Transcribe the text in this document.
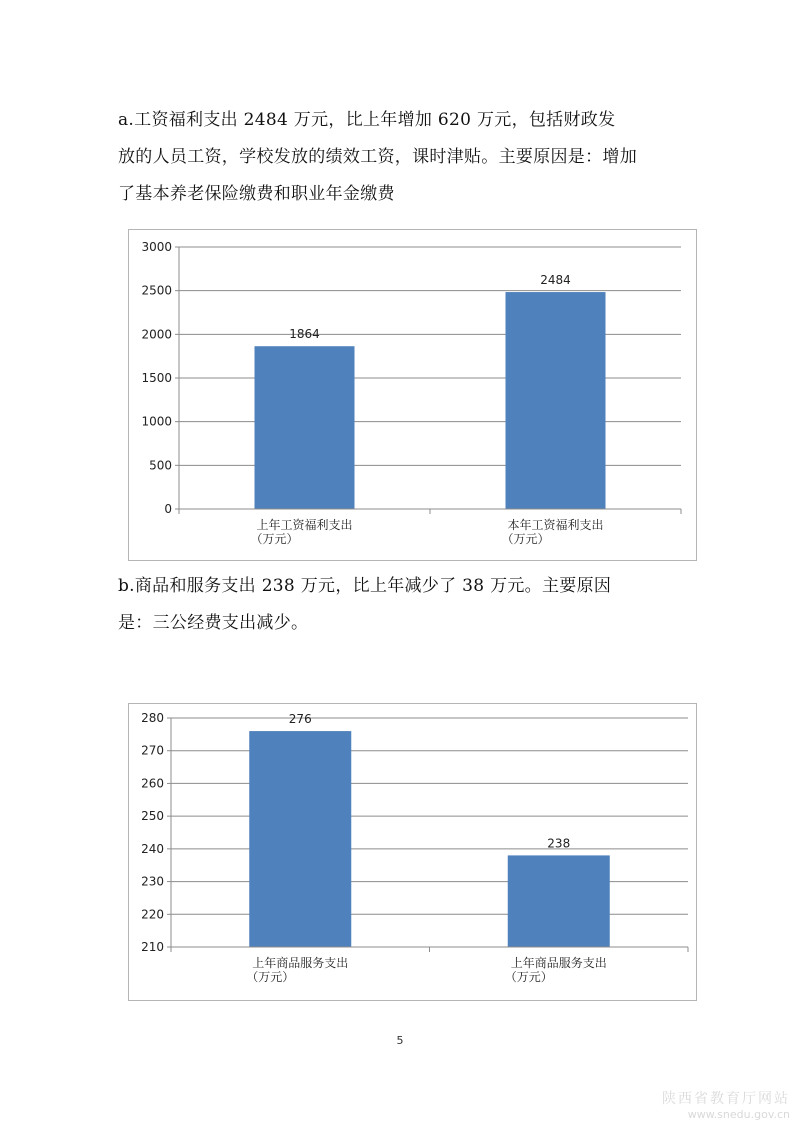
a.工资福利支出 2484 万元，比上年增加 620 万元，包括财政发
放的人员工资，学校发放的绩效工资，课时津贴。主要原因是：增加
了基本养老保险缴费和职业年金缴费
0
500
1000
1500
2000
2500
3000
1864
上年工资福利支出
（万元）
2484
本年工资福利支出
（万元）
b.商品和服务支出 238 万元，比上年减少了 38 万元。主要原因
是：三公经费支出减少。
210
220
230
240
250
260
270
280	276
上年商品服务支出
（万元）
238
上年商品服务支出
（万元）
5
陕西省教育厅网站
www.snedu.gov.cn
